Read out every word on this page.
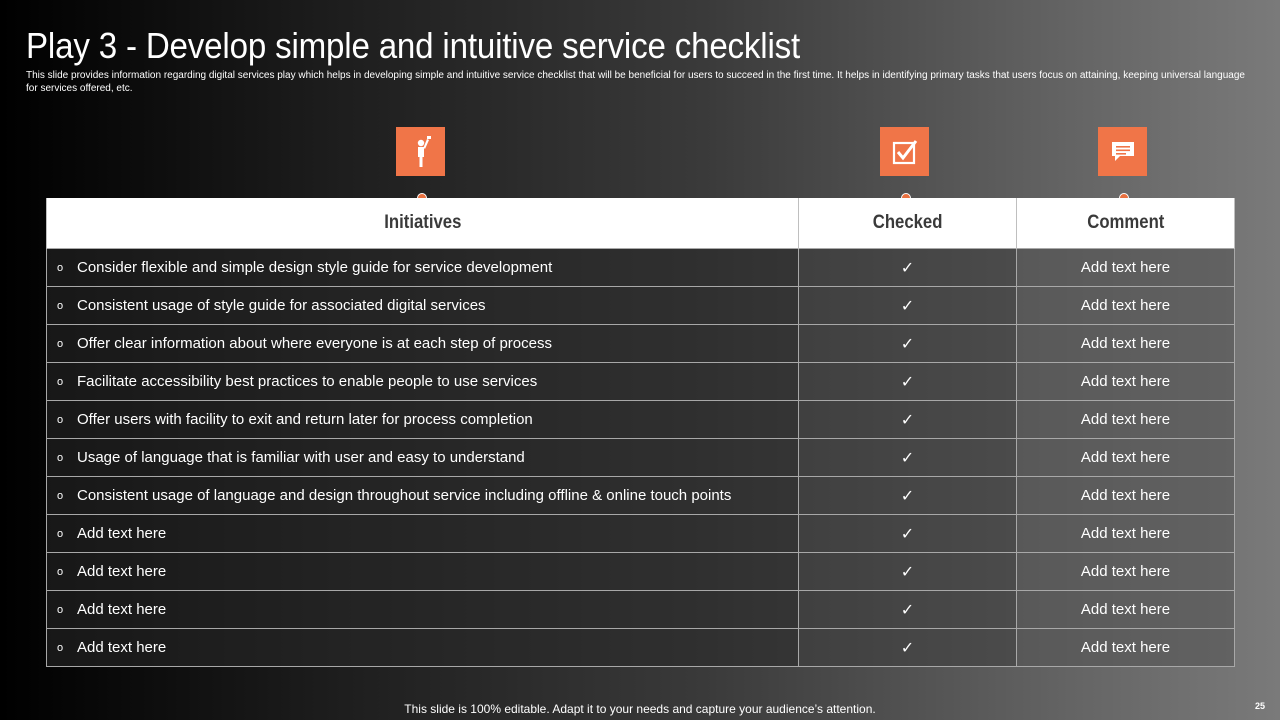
Play 3 - Develop simple and intuitive service checklist
This slide provides information regarding digital services play which helps in developing simple and intuitive service checklist that will be beneficial for users to succeed in the first time. It helps in identifying primary tasks that users focus on attaining, keeping universal language for services offered, etc.
Initiatives	Checked	Comment
o Consider flexible and simple design style guide for service development	✓	Add text here
o Consistent usage of style guide for associated digital services	✓	Add text here
o Offer clear information about where everyone is at each step of process	✓	Add text here
o Facilitate accessibility best practices to enable people to use services	✓	Add text here
o Offer users with facility to exit and return later for process completion	✓	Add text here
o Usage of language that is familiar with user and easy to understand	✓	Add text here
o Consistent usage of language and design throughout service including offline & online touch points	✓	Add text here
o Add text here	✓	Add text here
o Add text here	✓	Add text here
o Add text here	✓	Add text here
o Add text here	✓	Add text here
This slide is 100% editable. Adapt it to your needs and capture your audience’s attention.	25
